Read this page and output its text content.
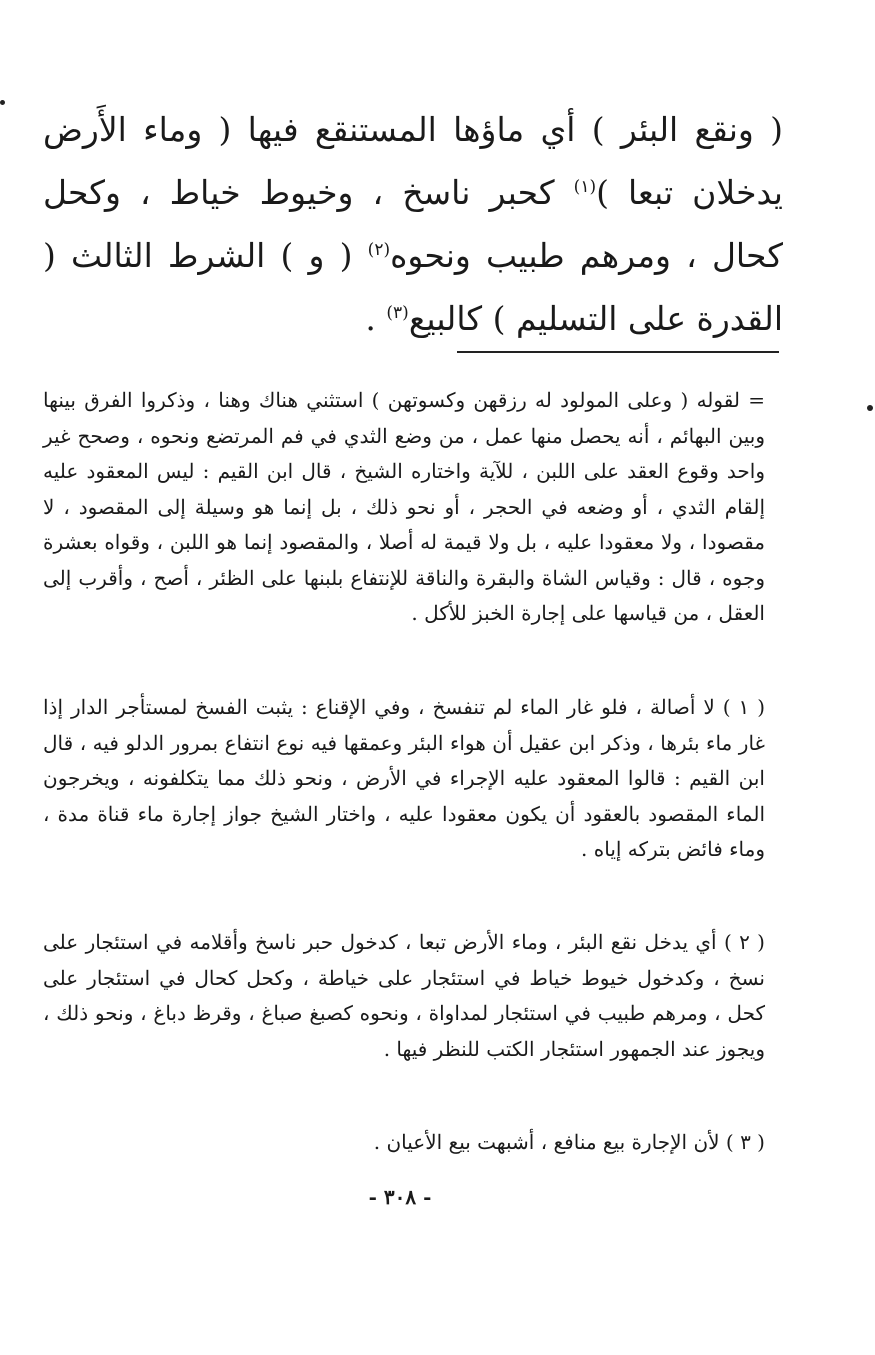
( ونقع البئر ) أي ماؤها المستنقع فيها ( وماء الأَرض يدخلان تبعا )$^{(١)}$ كحبر ناسخ ، وخيوط خياط ، وكحل كحال ، ومرهم طبيب ونحوه$^{(٢)}$ ( و ) الشرط الثالث ( القدرة على التسليم ) كالبيع$^{(٣)}$ .

= لقوله ( وعلى المولود له رزقهن وكسوتهن ) استثني هناك وهنا ، وذكروا الفرق بينها وبين البهائم ، أنه يحصل منها عمل ، من وضع الثدي في فم المرتضع ونحوه ، وصحح غير واحد وقوع العقد على اللبن ، للآية واختاره الشيخ ، قال ابن القيم : ليس المعقود عليه إلقام الثدي ، أو وضعه في الحجر ، أو نحو ذلك ، بل إنما هو وسيلة إلى المقصود ، لا مقصودا ، ولا معقودا عليه ، بل ولا قيمة له أصلا ، والمقصود إنما هو اللبن ، وقواه بعشرة وجوه ، قال : وقياس الشاة والبقرة والناقة للإنتفاع بلبنها على الظئر ، أصح ، وأقرب إلى العقل ، من قياسها على إجارة الخبز للأكل .

( ١ ) لا أصالة ، فلو غار الماء لم تنفسخ ، وفي الإقناع : يثبت الفسخ لمستأجر الدار إذا غار ماء بئرها ، وذكر ابن عقيل أن هواء البئر وعمقها فيه نوع انتفاع بمرور الدلو فيه ، قال ابن القيم : قالوا المعقود عليه الإجراء في الأرض ، ونحو ذلك مما يتكلفونه ، ويخرجون الماء المقصود بالعقود أن يكون معقودا عليه ، واختار الشيخ جواز إجارة ماء قناة مدة ، وماء فائض بتركه إياه .

( ٢ ) أي يدخل نقع البئر ، وماء الأرض تبعا ، كدخول حبر ناسخ وأقلامه في استئجار على نسخ ، وكدخول خيوط خياط في استئجار على خياطة ، وكحل كحال في استئجار على كحل ، ومرهم طبيب في استئجار لمداواة ، ونحوه كصبغ صباغ ، وقرظ دباغ ، ونحو ذلك ، ويجوز عند الجمهور استئجار الكتب للنظر فيها .

( ٣ ) لأن الإجارة بيع منافع ، أشبهت بيع الأعيان .

- ٣٠٨ -
